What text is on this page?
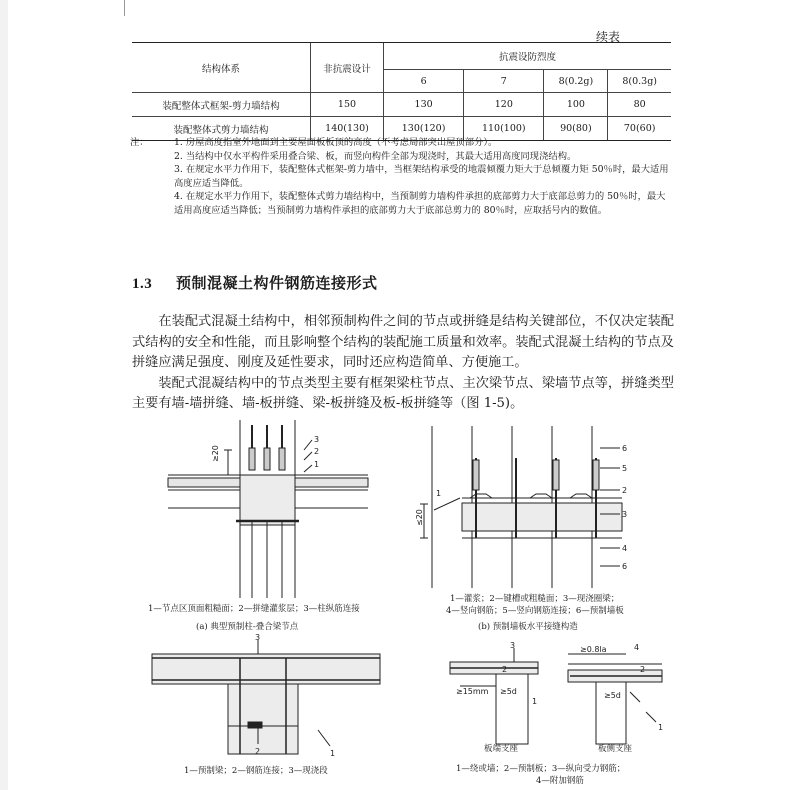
续表
结构体系	非抗震设计	抗震设防烈度			
		6	7	8(0.2g)	8(0.3g)
装配整体式框架-剪力墙结构	150	130	120	100	80
装配整体式剪力墙结构	140(130)	130(120)	110(100)	90(80)	70(60)
注：	1. 房屋高度指室外地面到主要屋面板板顶的高度（不考虑局部突出屋顶部分）。
2. 当结构中仅水平构件采用叠合梁、板，而竖向构件全部为现浇时，其最大适用高度同现浇结构。
3. 在规定水平力作用下，装配整体式框架-剪力墙中，当框架结构承受的地震倾覆力矩大于总倾覆力矩 50％时，最大适用高度应适当降低。
4. 在规定水平力作用下，装配整体式剪力墙结构中，当预制剪力墙构件承担的底部剪力大于底部总剪力的 50％时，最大适用高度应适当降低；当预制剪力墙构件承担的底部剪力大于底部总剪力的 80％时，应取括号内的数值。
1.3 预制混凝土构件钢筋连接形式

在装配式混凝土结构中，相邻预制构件之间的节点或拼缝是结构关键部位，不仅决定装配式结构的安全和性能，而且影响整个结构的装配施工质量和效率。装配式混凝土结构的节点及拼缝应满足强度、刚度及延性要求，同时还应构造简单、方便施工。

装配式混凝结构中的节点类型主要有框架梁柱节点、主次梁节点、梁墙节点等，拼缝类型主要有墙-墙拼缝、墙-板拼缝、梁-板拼缝及板-板拼缝等（图 1-5)。

≥20
3
2
1
1—节点区顶面粗糙面；2—拼缝灌浆层；3—柱纵筋连接
(a) 典型预制柱-叠合梁节点
≤20
6
5
2
3
4
6
1
1—灌浆；2—键槽或粗糙面；3—现浇圈梁；
4—竖向钢筋；5—竖向钢筋连接；6—预制墙板
(b) 预制墙板水平接缝构造
3
2	1
1—预制梁；2—钢筋连接；3—现浇段
3
2
1
4
2
1
≥0.8la
≥15mm ≥5d	≥5d
板端支座	板侧支座
1—绕或墙；2—预制板；3—纵向受力钢筋；
4—附加钢筋
